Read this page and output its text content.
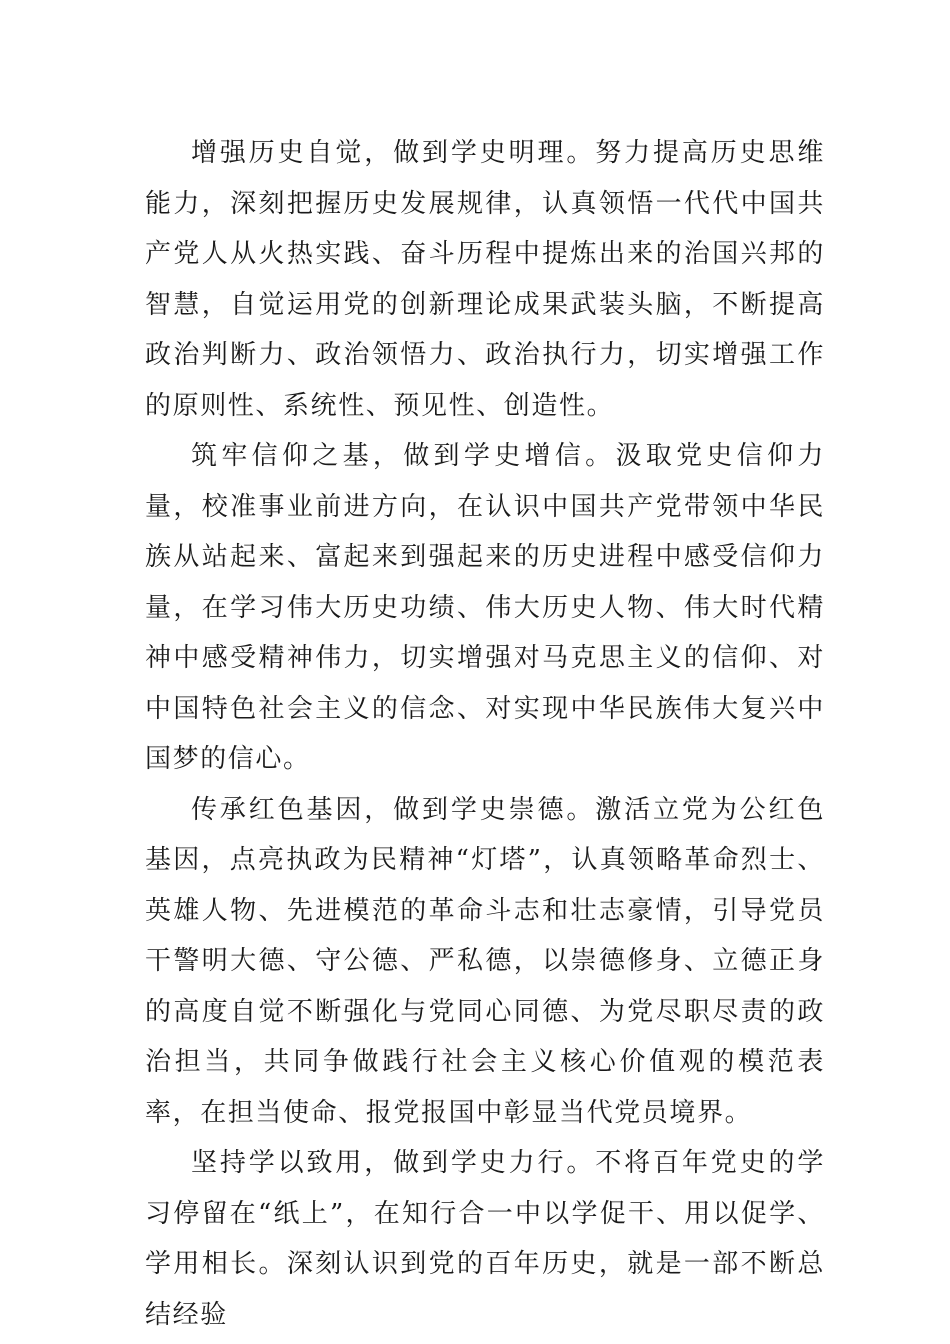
增强历史自觉，做到学史明理。努力提高历史思维能力，深刻把握历史发展规律，认真领悟一代代中国共产党人从火热实践、奋斗历程中提炼出来的治国兴邦的智慧，自觉运用党的创新理论成果武装头脑，不断提高政治判断力、政治领悟力、政治执行力，切实增强工作的原则性、系统性、预见性、创造性。

筑牢信仰之基，做到学史增信。汲取党史信仰力量，校准事业前进方向，在认识中国共产党带领中华民族从站起来、富起来到强起来的历史进程中感受信仰力量，在学习伟大历史功绩、伟大历史人物、伟大时代精神中感受精神伟力，切实增强对马克思主义的信仰、对中国特色社会主义的信念、对实现中华民族伟大复兴中国梦的信心。

传承红色基因，做到学史崇德。激活立党为公红色基因，点亮执政为民精神“灯塔”，认真领略革命烈士、英雄人物、先进模范的革命斗志和壮志豪情，引导党员干警明大德、守公德、严私德，以崇德修身、立德正身的高度自觉不断强化与党同心同德、为党尽职尽责的政治担当，共同争做践行社会主义核心价值观的模范表率，在担当使命、报党报国中彰显当代党员境界。

坚持学以致用，做到学史力行。不将百年党史的学习停留在“纸上”，在知行合一中以学促干、用以促学、学用相长。深刻认识到党的百年历史，就是一部不断总结经验
